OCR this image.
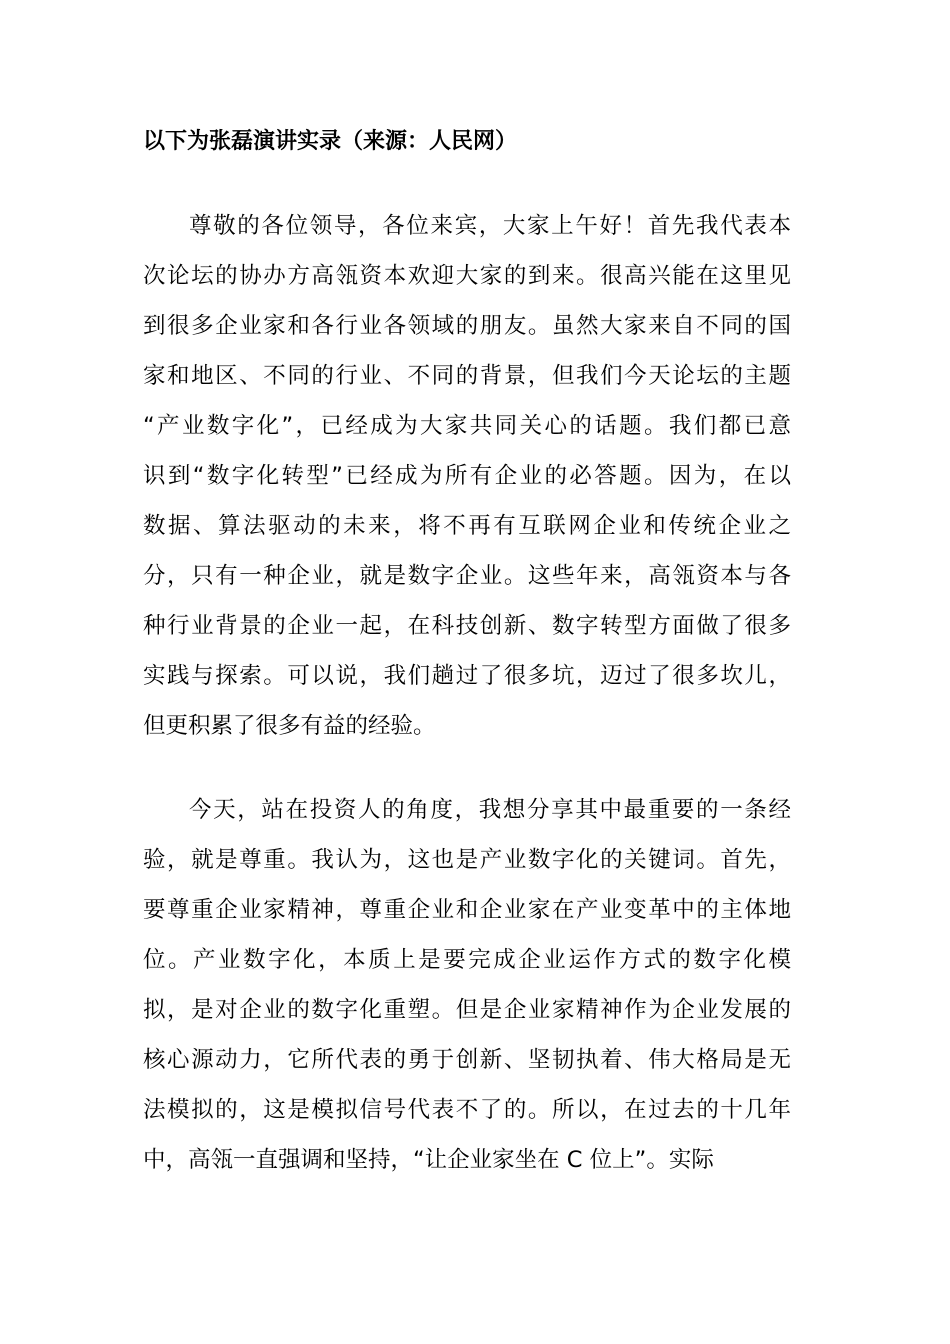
以下为张磊演讲实录（来源：人民网）
尊敬的各位领导，各位来宾，大家上午好！首先我代表本
次论坛的协办方高瓴资本欢迎大家的到来。很高兴能在这里见
到很多企业家和各行业各领域的朋友。虽然大家来自不同的国
家和地区、不同的行业、不同的背景，但我们今天论坛的主题
“产业数字化”，已经成为大家共同关心的话题。我们都已意
识到“数字化转型”已经成为所有企业的必答题。因为，在以
数据、算法驱动的未来，将不再有互联网企业和传统企业之
分，只有一种企业，就是数字企业。这些年来，高瓴资本与各
种行业背景的企业一起，在科技创新、数字转型方面做了很多
实践与探索。可以说，我们趟过了很多坑，迈过了很多坎儿，
但更积累了很多有益的经验。
今天，站在投资人的角度，我想分享其中最重要的一条经
验，就是尊重。我认为，这也是产业数字化的关键词。首先，
要尊重企业家精神，尊重企业和企业家在产业变革中的主体地
位。产业数字化，本质上是要完成企业运作方式的数字化模
拟，是对企业的数字化重塑。但是企业家精神作为企业发展的
核心源动力，它所代表的勇于创新、坚韧执着、伟大格局是无
法模拟的，这是模拟信号代表不了的。所以，在过去的十几年
中，高瓴一直强调和坚持，“让企业家坐在 C 位上”。实际
